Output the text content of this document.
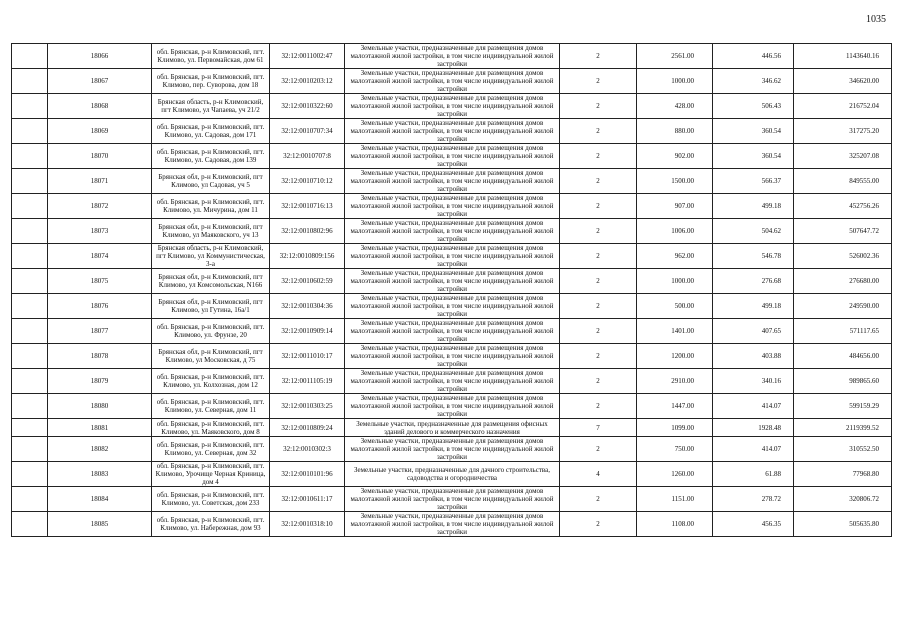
1035
	18066	обл. Брянская, р-н Климовский, пгт. Климово, ул. Первомайская, дом 61	32:12:0011002:47	Земельные участки, предназначенные для размещения домов малоэтажной жилой застройки, в том числе индивидуальной жилой застройки	2	2561.00	446.56	1143640.16
	18067	обл. Брянская, р-н Климовский, пгт. Климово, пер. Суворова, дом 18	32:12:0010203:12	Земельные участки, предназначенные для размещения домов малоэтажной жилой застройки, в том числе индивидуальной жилой застройки	2	1000.00	346.62	346620.00
	18068	Брянская область, р-н Климовский, пгт Климово, ул Чапаева, уч 21/2	32:12:0010322:60	Земельные участки, предназначенные для размещения домов малоэтажной жилой застройки, в том числе индивидуальной жилой застройки	2	428.00	506.43	216752.04
	18069	обл. Брянская, р-н Климовский, пгт. Климово, ул. Садовая, дом 171	32:12:0010707:34	Земельные участки, предназначенные для размещения домов малоэтажной жилой застройки, в том числе индивидуальной жилой застройки	2	880.00	360.54	317275.20
	18070	обл. Брянская, р-н Климовский, пгт. Климово, ул. Садовая, дом 139	32:12:0010707:8	Земельные участки, предназначенные для размещения домов малоэтажной жилой застройки, в том числе индивидуальной жилой застройки	2	902.00	360.54	325207.08
	18071	Брянская обл, р-н Климовский, пгт Климово, ул Садовая, уч 5	32:12:0010710:12	Земельные участки, предназначенные для размещения домов малоэтажной жилой застройки, в том числе индивидуальной жилой застройки	2	1500.00	566.37	849555.00
	18072	обл. Брянская, р-н Климовский, пгт. Климово, ул. Мичурина, дом 11	32:12:0010716:13	Земельные участки, предназначенные для размещения домов малоэтажной жилой застройки, в том числе индивидуальной жилой застройки	2	907.00	499.18	452756.26
	18073	Брянская обл, р-н Климовский, пгт Климово, ул Маяковского, уч 13	32:12:0010802:96	Земельные участки, предназначенные для размещения домов малоэтажной жилой застройки, в том числе индивидуальной жилой застройки	2	1006.00	504.62	507647.72
	18074	Брянская область, р-н Климовский, пгт Климово, ул Коммунистическая, 3-а	32:12:0010809:156	Земельные участки, предназначенные для размещения домов малоэтажной жилой застройки, в том числе индивидуальной жилой застройки	2	962.00	546.78	526002.36
	18075	Брянская обл, р-н Климовский, пгт Климово, ул Комсомольская, N166	32:12:0010602:59	Земельные участки, предназначенные для размещения домов малоэтажной жилой застройки, в том числе индивидуальной жилой застройки	2	1000.00	276.68	276680.00
	18076	Брянская обл, р-н Климовский, пгт Климово, ул Гутина, 16а/1	32:12:0010304:36	Земельные участки, предназначенные для размещения домов малоэтажной жилой застройки, в том числе индивидуальной жилой застройки	2	500.00	499.18	249590.00
	18077	обл. Брянская, р-н Климовский, пгт. Климово, ул. Фрунзе, 20	32:12:0010909:14	Земельные участки, предназначенные для размещения домов малоэтажной жилой застройки, в том числе индивидуальной жилой застройки	2	1401.00	407.65	571117.65
	18078	Брянская обл, р-н Климовский, пгт Климово, ул Московская, д 75	32:12:0011010:17	Земельные участки, предназначенные для размещения домов малоэтажной жилой застройки, в том числе индивидуальной жилой застройки	2	1200.00	403.88	484656.00
	18079	обл. Брянская, р-н Климовский, пгт. Климово, ул. Колхозная, дом 12	32:12:0011105:19	Земельные участки, предназначенные для размещения домов малоэтажной жилой застройки, в том числе индивидуальной жилой застройки	2	2910.00	340.16	989865.60
	18080	обл. Брянская, р-н Климовский, пгт. Климово, ул. Северная, дом 11	32:12:0010303:25	Земельные участки, предназначенные для размещения домов малоэтажной жилой застройки, в том числе индивидуальной жилой застройки	2	1447.00	414.07	599159.29
	18081	обл. Брянская, р-н Климовский, пгт. Климово, ул. Маяковского, дом 8	32:12:0010809:24	Земельные участки, предназначенные для размещения офисных зданий делового и коммерческого назначения	7	1099.00	1928.48	2119399.52
	18082	обл. Брянская, р-н Климовский, пгт. Климово, ул. Северная, дом 32	32:12:0010302:3	Земельные участки, предназначенные для размещения домов малоэтажной жилой застройки, в том числе индивидуальной жилой застройки	2	750.00	414.07	310552.50
	18083	обл. Брянская, р-н Климовский, пгт. Климово, Урочище Черная Криница, дом 4	32:12:0010101:96	Земельные участки, предназначенные для дачного строительства, садоводства и огородничества	4	1260.00	61.88	77968.80
	18084	обл. Брянская, р-н Климовский, пгт. Климово, ул. Советская, дом 233	32:12:0010611:17	Земельные участки, предназначенные для размещения домов малоэтажной жилой застройки, в том числе индивидуальной жилой застройки	2	1151.00	278.72	320806.72
	18085	обл. Брянская, р-н Климовский, пгт. Климово, ул. Набережная, дом 93	32:12:0010318:10	Земельные участки, предназначенные для размещения домов малоэтажной жилой застройки, в том числе индивидуальной жилой застройки	2	1108.00	456.35	505635.80
